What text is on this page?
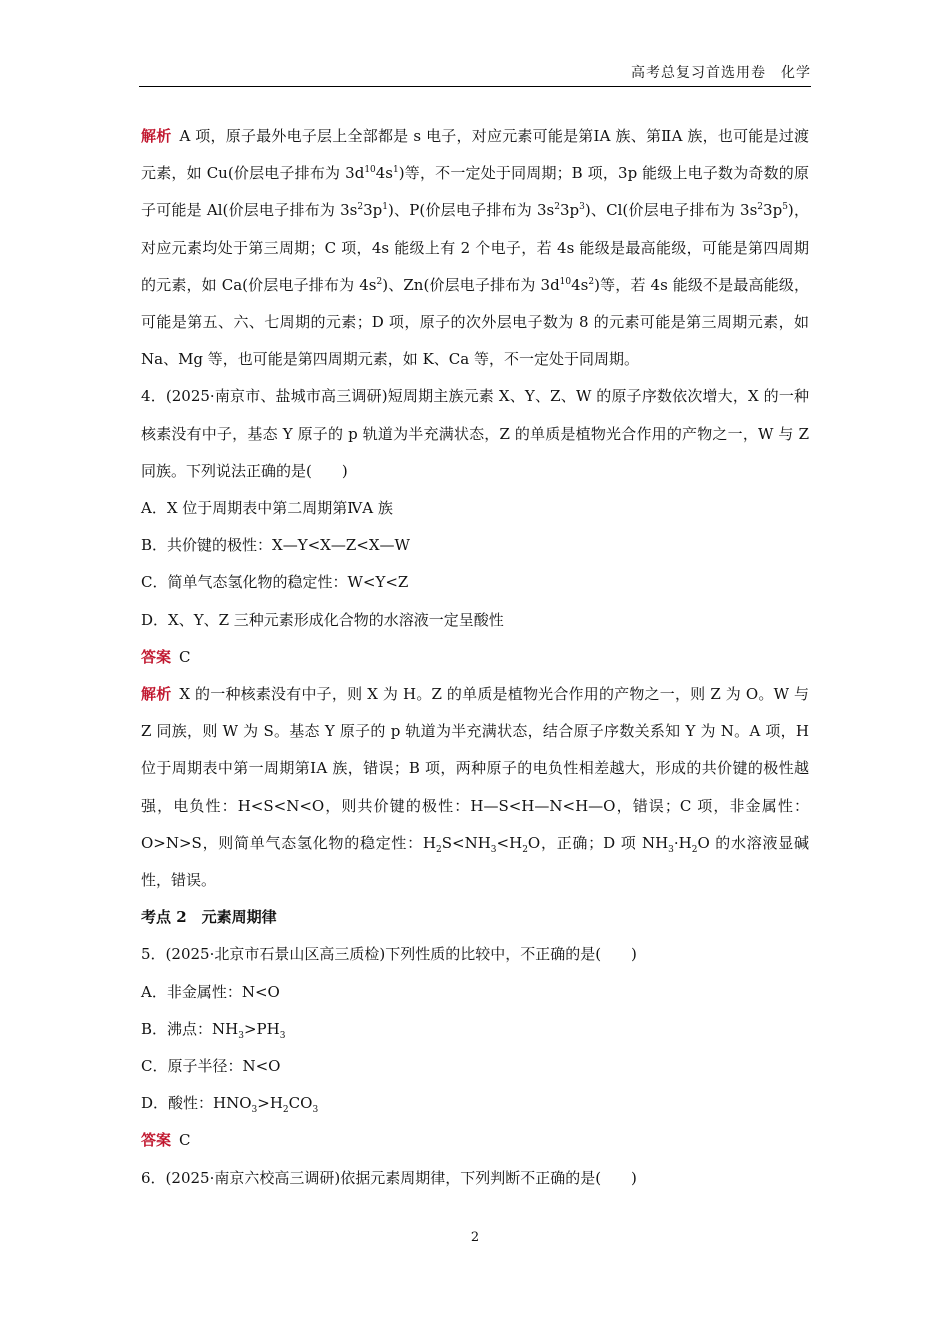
高考总复习首选用卷　化学

解析 A 项，原子最外电子层上全部都是 s 电子，对应元素可能是第ⅠA 族、第ⅡA 族，也可能是过渡元素，如 Cu(价层电子排布为 $3d^{10}4s^1$)等，不一定处于同周期；B 项，3p 能级上电子数为奇数的原子可能是 Al(价层电子排布为 $3s^23p^1$)、P(价层电子排布为 $3s^23p^3$)、Cl(价层电子排布为 $3s^23p^5$)，对应元素均处于第三周期；C 项，4s 能级上有 2 个电子，若 4s 能级是最高能级，可能是第四周期的元素，如 Ca(价层电子排布为 $4s^2$)、Zn(价层电子排布为 $3d^{10}4s^2$)等，若 4s 能级不是最高能级，可能是第五、六、七周期的元素；D 项，原子的次外层电子数为 8 的元素可能是第三周期元素，如 Na、Mg 等，也可能是第四周期元素，如 K、Ca 等，不一定处于同周期。

4．(2025·南京市、盐城市高三调研)短周期主族元素 X、Y、Z、W 的原子序数依次增大，X 的一种核素没有中子，基态 Y 原子的 p 轨道为半充满状态，Z 的单质是植物光合作用的产物之一，W 与 Z 同族。下列说法正确的是(　　)

A．X 位于周期表中第二周期第ⅣA 族

B．共价键的极性：X—Y<X—Z<X—W

C．简单气态氢化物的稳定性：W<Y<Z

D．X、Y、Z 三种元素形成化合物的水溶液一定呈酸性

答案 C

解析 X 的一种核素没有中子，则 X 为 H。Z 的单质是植物光合作用的产物之一，则 Z 为 O。W 与 Z 同族，则 W 为 S。基态 Y 原子的 p 轨道为半充满状态，结合原子序数关系知 Y 为 N。A 项，H 位于周期表中第一周期第ⅠA 族，错误；B 项，两种原子的电负性相差越大，形成的共价键的极性越强，电负性：H<S<N<O，则共价键的极性：H—S<H—N<H—O，错误；C 项，非金属性：O>N>S，则简单气态氢化物的稳定性：$H_2S<NH_3<H_2O$，正确；D 项 $NH_3\cdot H_2O$ 的水溶液显碱性，错误。

考点 2　元素周期律

5．(2025·北京市石景山区高三质检)下列性质的比较中，不正确的是(　　)

A．非金属性：N<O

B．沸点：$NH_3>PH_3$

C．原子半径：N<O

D．酸性：$HNO_3>H_2CO_3$

答案 C

6．(2025·南京六校高三调研)依据元素周期律，下列判断不正确的是(　　)

2
